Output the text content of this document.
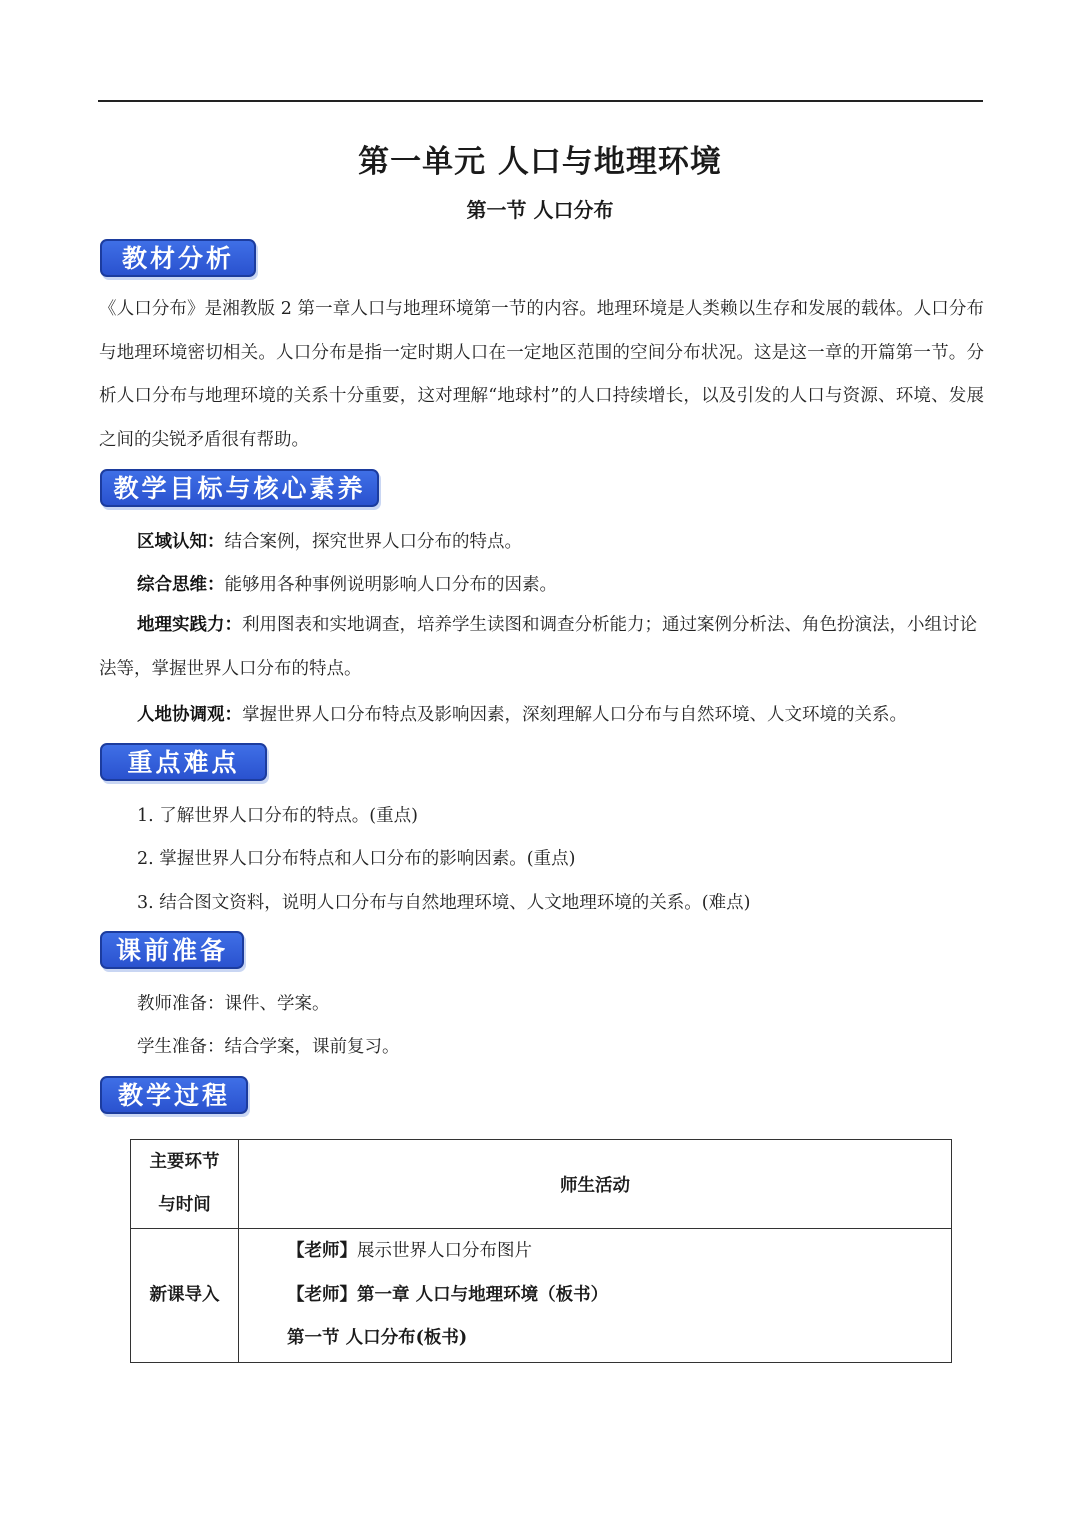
第一单元 人口与地理环境
第一节 人口分布
教材分析
《人口分布》是湘教版 2 第一章人口与地理环境第一节的内容。地理环境是人类赖以生存和发展的载体。人口分布与地理环境密切相关。人口分布是指一定时期人口在一定地区范围的空间分布状况。这是这一章的开篇第一节。分析人口分布与地理环境的关系十分重要，这对理解“地球村”的人口持续增长，以及引发的人口与资源、环境、发展之间的尖锐矛盾很有帮助。
教学目标与核心素养
区域认知：结合案例，探究世界人口分布的特点。
综合思维：能够用各种事例说明影响人口分布的因素。
地理实践力：利用图表和实地调查，培养学生读图和调查分析能力；通过案例分析法、角色扮演法，小组讨论法等，掌握世界人口分布的特点。
人地协调观：掌握世界人口分布特点及影响因素，深刻理解人口分布与自然环境、人文环境的关系。
重点难点
1. 了解世界人口分布的特点。(重点)
2. 掌握世界人口分布特点和人口分布的影响因素。(重点)
3. 结合图文资料，说明人口分布与自然地理环境、人文地理环境的关系。(难点)
课前准备
教师准备：课件、学案。
学生准备：结合学案，课前复习。
教学过程
主要环节
与时间	师生活动
新课导入	【老师】展示世界人口分布图片
【老师】第一章 人口与地理环境（板书）
第一节 人口分布(板书)
